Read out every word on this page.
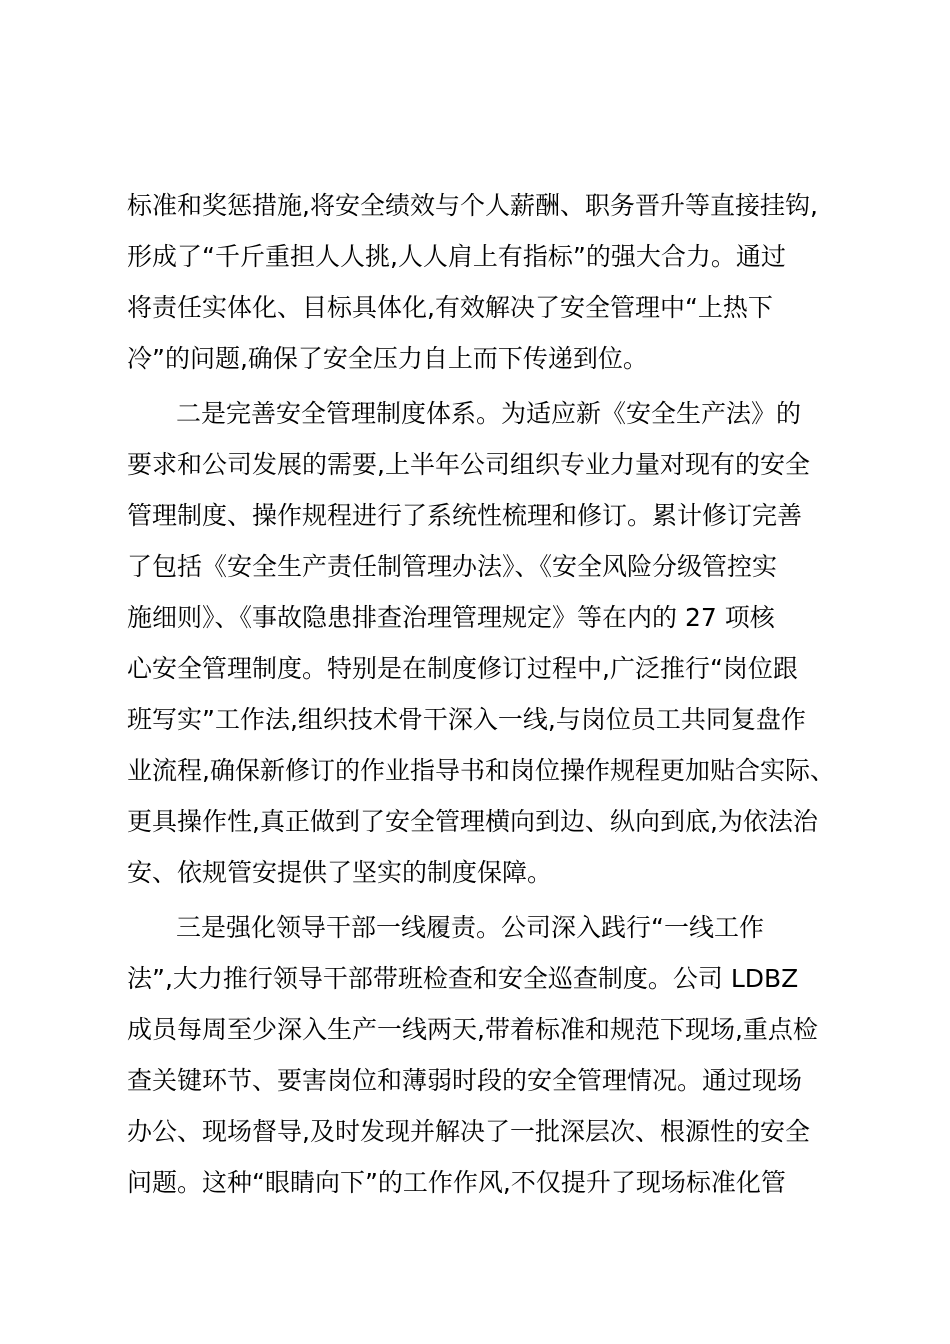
标准和奖惩措施,将安全绩效与个人薪酬、职务晋升等直接挂钩,
形成了“千斤重担人人挑,人人肩上有指标”的强大合力。通过
将责任实体化、目标具体化,有效解决了安全管理中“上热下
冷”的问题,确保了安全压力自上而下传递到位。
二是完善安全管理制度体系。为适应新《安全生产法》的
要求和公司发展的需要,上半年公司组织专业力量对现有的安全
管理制度、操作规程进行了系统性梳理和修订。累计修订完善
了包括《安全生产责任制管理办法》、《安全风险分级管控实
施细则》、《事故隐患排查治理管理规定》等在内的 27 项核
心安全管理制度。特别是在制度修订过程中,广泛推行“岗位跟
班写实”工作法,组织技术骨干深入一线,与岗位员工共同复盘作
业流程,确保新修订的作业指导书和岗位操作规程更加贴合实际、
更具操作性,真正做到了安全管理横向到边、纵向到底,为依法治
安、依规管安提供了坚实的制度保障。
三是强化领导干部一线履责。公司深入践行“一线工作
法”,大力推行领导干部带班检查和安全巡查制度。公司 LDBZ
成员每周至少深入生产一线两天,带着标准和规范下现场,重点检
查关键环节、要害岗位和薄弱时段的安全管理情况。通过现场
办公、现场督导,及时发现并解决了一批深层次、根源性的安全
问题。这种“眼睛向下”的工作作风,不仅提升了现场标准化管
